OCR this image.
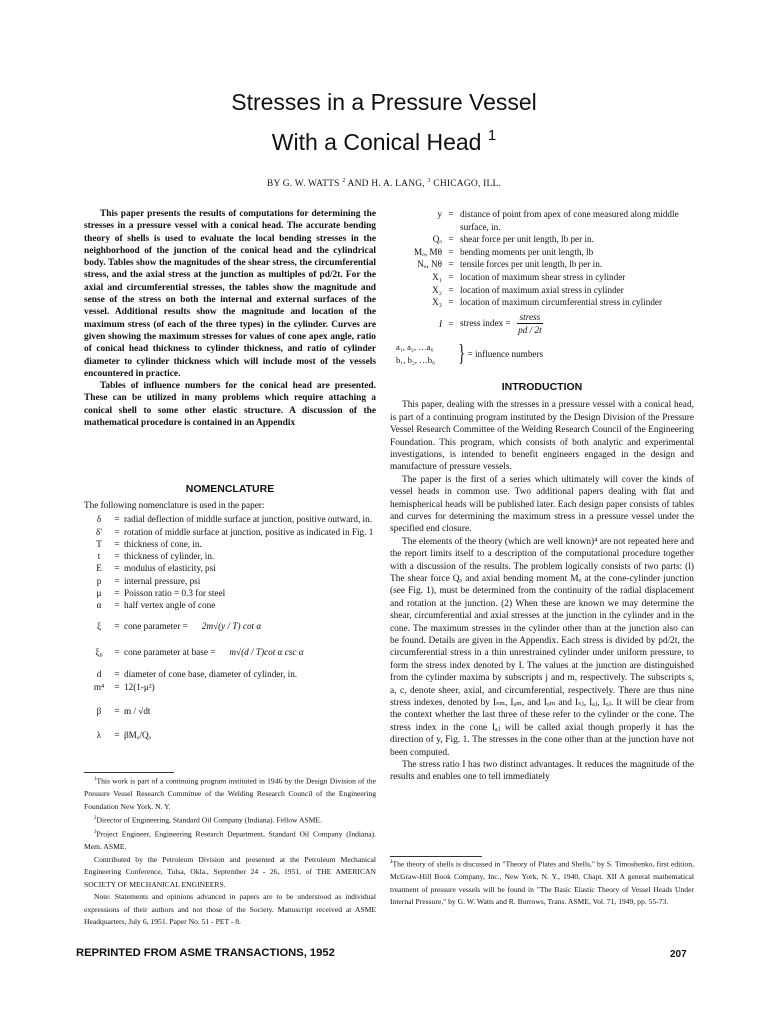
Stresses in a Pressure Vessel
With a Conical Head $^1$
BY G. W. WATTS $^2$ AND H. A. LANG, $^3$ CHICAGO, ILL.

This paper presents the results of computations for determining the stresses in a pressure vessel with a conical head. The accurate bending theory of shells is used to evaluate the local bending stresses in the neighborhood of the junction of the conical head and the cylindrical body. Tables show the magnitudes of the shear stress, the circumferential stress, and the axial stress at the junction as multiples of pd/2t. For the axial and circumferential stresses, the tables show the magnitude and sense of the stress on both the internal and external surfaces of the vessel. Additional results show the magnitude and location of the maximum stress (of each of the three types) in the cylinder. Curves are given showing the maximum stresses for values of cone apex angle, ratio of conical head thickness to cylinder thickness, and ratio of cylinder diameter to cylinder thickness which will include most of the vessels encountered in practice.

Tables of influence numbers for the conical head are presented. These can be utilized in many problems which require attaching a conical shell to some other elastic structure. A discussion of the mathematical procedure is contained in an Appendix

NOMENCLATURE
The following nomenclature is used in the paper:
δ	= radial deflection of middle surface at junction, positive outward, in.
δ'	= rotation of middle surface at junction, positive as indicated in Fig. 1
T	= thickness of cone, in.
t	= thickness of cylinder, in.
E	= modulus of elasticity, psi
p	= internal pressure, psi
μ	= Poisson ratio = 0.3 for steel
α	= half vertex angle of cone
ξ	= cone parameter = 2m√(y / T) cot α
ξ₀	= cone parameter at base = m√(d / T)cot α csc α
d	= diameter of cone base, diameter of cylinder, in.
m⁴	= 12(1-μ²)
β	= m / √dt
λ	= βMₒ/Qₒ

$^1$This work is part of a continuing program instituted in 1946 by the Design Division of the Pressure Vessel Research Committee of the Welding Research Council of the Engineering Foundation New York. N. Y.

$^2$Director of Engineering, Standard Oil Company (Indiana). Fellow ASME.

$^3$Project Engineer, Engineering Research Department, Standard Oil Company (Indiana). Mem. ASME.

Contributed by the Petroleum Division and presented at the Petroleum Mechanical Engineering Conference, Tulsa, Okla., September 24 - 26, 1951, of THE AMERICAN SOCIETY OF MECHANICAL ENGINEERS.

Note: Statements and opinions advanced in papers are to be understood as individual expressions of their authors and not those of the Society. Manuscript received at ASME Headquarters, July 6, 1951. Paper No. 51 - PET - 8.

y = distance of point from apex of cone measured along middle surface, in.
Qₒ = shear force per unit length, lb per in.
Mₒ, Mθ = bending moments per unit length, lb
Nₒ, Nθ = tensile forces per unit length, lb per in.
X₁ = location of maximum shear stress in cylinder
X₂ = location of maximum axial stress in cylinder
X₃ = location of maximum circumferential stress in cylinder
I = stress index = $\frac{\text{stress}}{pd / 2t}$
a₁, a₂, …a₆
b₁, b₂, …b₆ } = influence numbers
INTRODUCTION

This paper, dealing with the stresses in a pressure vessel with a conical head, is part of a continuing program instituted by the Design Division of the Pressure Vessel Research Committee of the Welding Research Council of the Engineering Foundation. This program, which consists of both analytic and experimental investigations, is intended to benefit engineers engaged in the design and manufacture of pressure vessels.

The paper is the first of a series which ultimately will cover the kinds of vessel heads in common use. Two additional papers dealing with flat and hemispherical heads will be published later. Each design paper consists of tables and curves for determining the maximum stress in a pressure vessel under the specified end closure.

The elements of the theory (which are well known)⁴ are not repeated here and the report limits itself to a description of the computational procedure together with a discussion of the results. The problem logically consists of two parts: (l) The shear force Qₒ and axial bending moment Mₒ at the cone-cylinder junction (see Fig. 1), must be determined from the continuity of the radial displacement and rotation at the junction. (2) When these are known we may determine the shear, circumferential and axial stresses at the junction in the cylinder and in the cone. The maximum stresses in the cylinder other than at the junction also can be found. Details are given in the Appendix. Each stress is divided by pd/2t, the circumferential stress in a thin unrestrained cylinder under uniform pressure, to form the stress index denoted by I. The values at the junction are distinguished from the cylinder maxima by subscripts j and m, respectively. The subscripts s, a, c, denote sheer, axial, and circumferential, respectively. There are thus nine stress indexes, denoted by Iₛₘ, Iₐₘ, and Iₒₘ and Iₛⱼ, Iₐⱼ, Iₒⱼ. It will be clear from the context whether the last three of these refer to the cylinder or the cone. The stress index in the cone Iₐⱼ will be called axial though properly it has the direction of y, Fig. 1. The stresses in the cone other than at the junction have not been computed.

The stress ratio I has two distinct advantages. It reduces the magnitude of the results and enables one to tell immediately

$^4$The theory of shells is discussed in "Theory of Plates and Shells," by S. Timoshenko, first edition, McGraw-Hill Book Company, Inc., New York, N. Y., 1940, Chapt. XII A general mathematical treatment of pressure vessels will be found in "The Basic Elastic Theory of Vessel Heads Under Internal Pressure," by G. W. Watts and R. Burrows, Trans. ASME, Vol. 71, 1949, pp. 55-73.

REPRINTED FROM ASME TRANSACTIONS, 1952	207
